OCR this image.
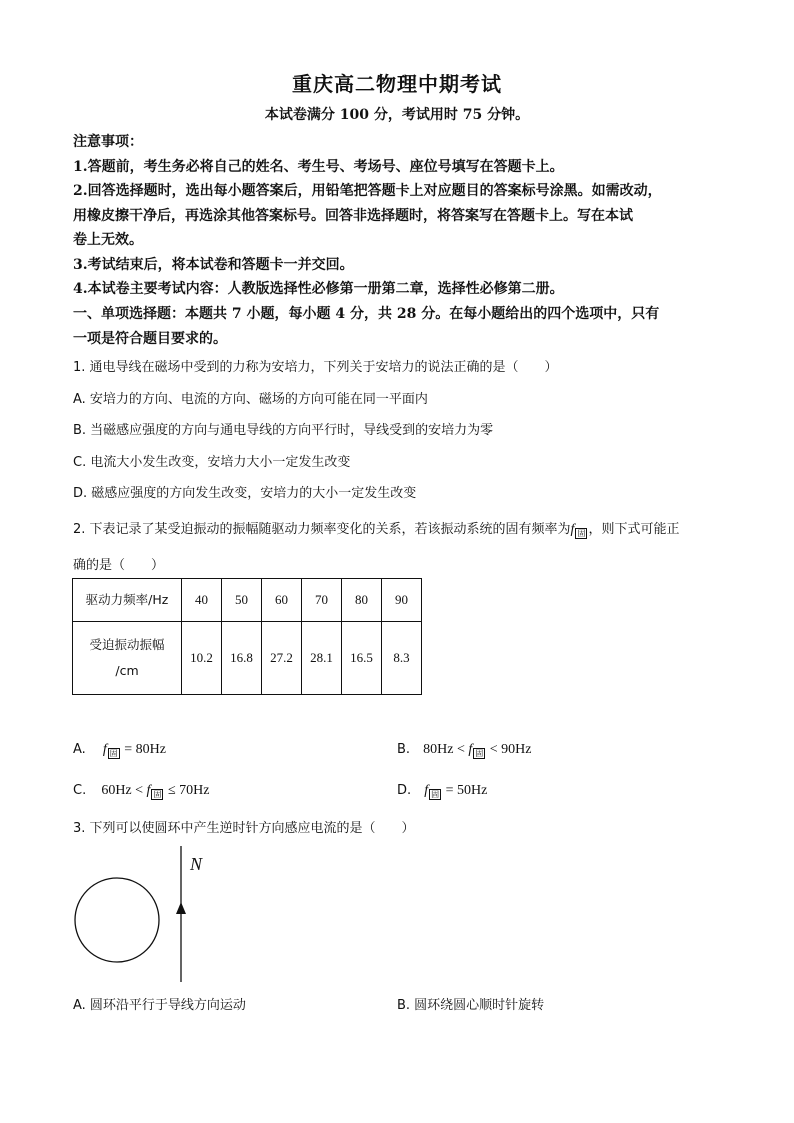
重庆高二物理中期考试
本试卷满分 100 分，考试用时 75 分钟。
注意事项：
1.答题前，考生务必将自己的姓名、考生号、考场号、座位号填写在答题卡上。
2.回答选择题时，选出每小题答案后，用铅笔把答题卡上对应题目的答案标号涂黑。如需改动，
用橡皮擦干净后，再选涂其他答案标号。回答非选择题时，将答案写在答题卡上。写在本试
卷上无效。
3.考试结束后，将本试卷和答题卡一并交回。
4.本试卷主要考试内容：人教版选择性必修第一册第二章，选择性必修第二册。
一、单项选择题：本题共 7 小题，每小题 4 分，共 28 分。在每小题给出的四个选项中，只有
一项是符合题目要求的。
1. 通电导线在磁场中受到的力称为安培力，下列关于安培力的说法正确的是（　　）
A. 安培力的方向、电流的方向、磁场的方向可能在同一平面内
B. 当磁感应强度的方向与通电导线的方向平行时，导线受到的安培力为零
C. 电流大小发生改变，安培力大小一定发生改变
D. 磁感应强度的方向发生改变，安培力的大小一定发生改变
2. 下表记录了某受迫振动的振幅随驱动力频率变化的关系，若该振动系统的固有频率为f $_固$ ，则下式可能正
确的是（　　）
驱动力频率/Hz	40	50	60	70	80	90

受迫振动振幅
/cm	10.2	16.8	27.2	28.1	16.5	8.3
A. f $_固$ = 80Hz	B. 80Hz < f $_固$ < 90Hz
C. 60Hz < f $_固$ ≤ 70Hz	D. f $_固$ = 50Hz
3. 下列可以使圆环中产生逆时针方向感应电流的是（　　）
N
A. 圆环沿平行于导线方向运动	B. 圆环绕圆心顺时针旋转
